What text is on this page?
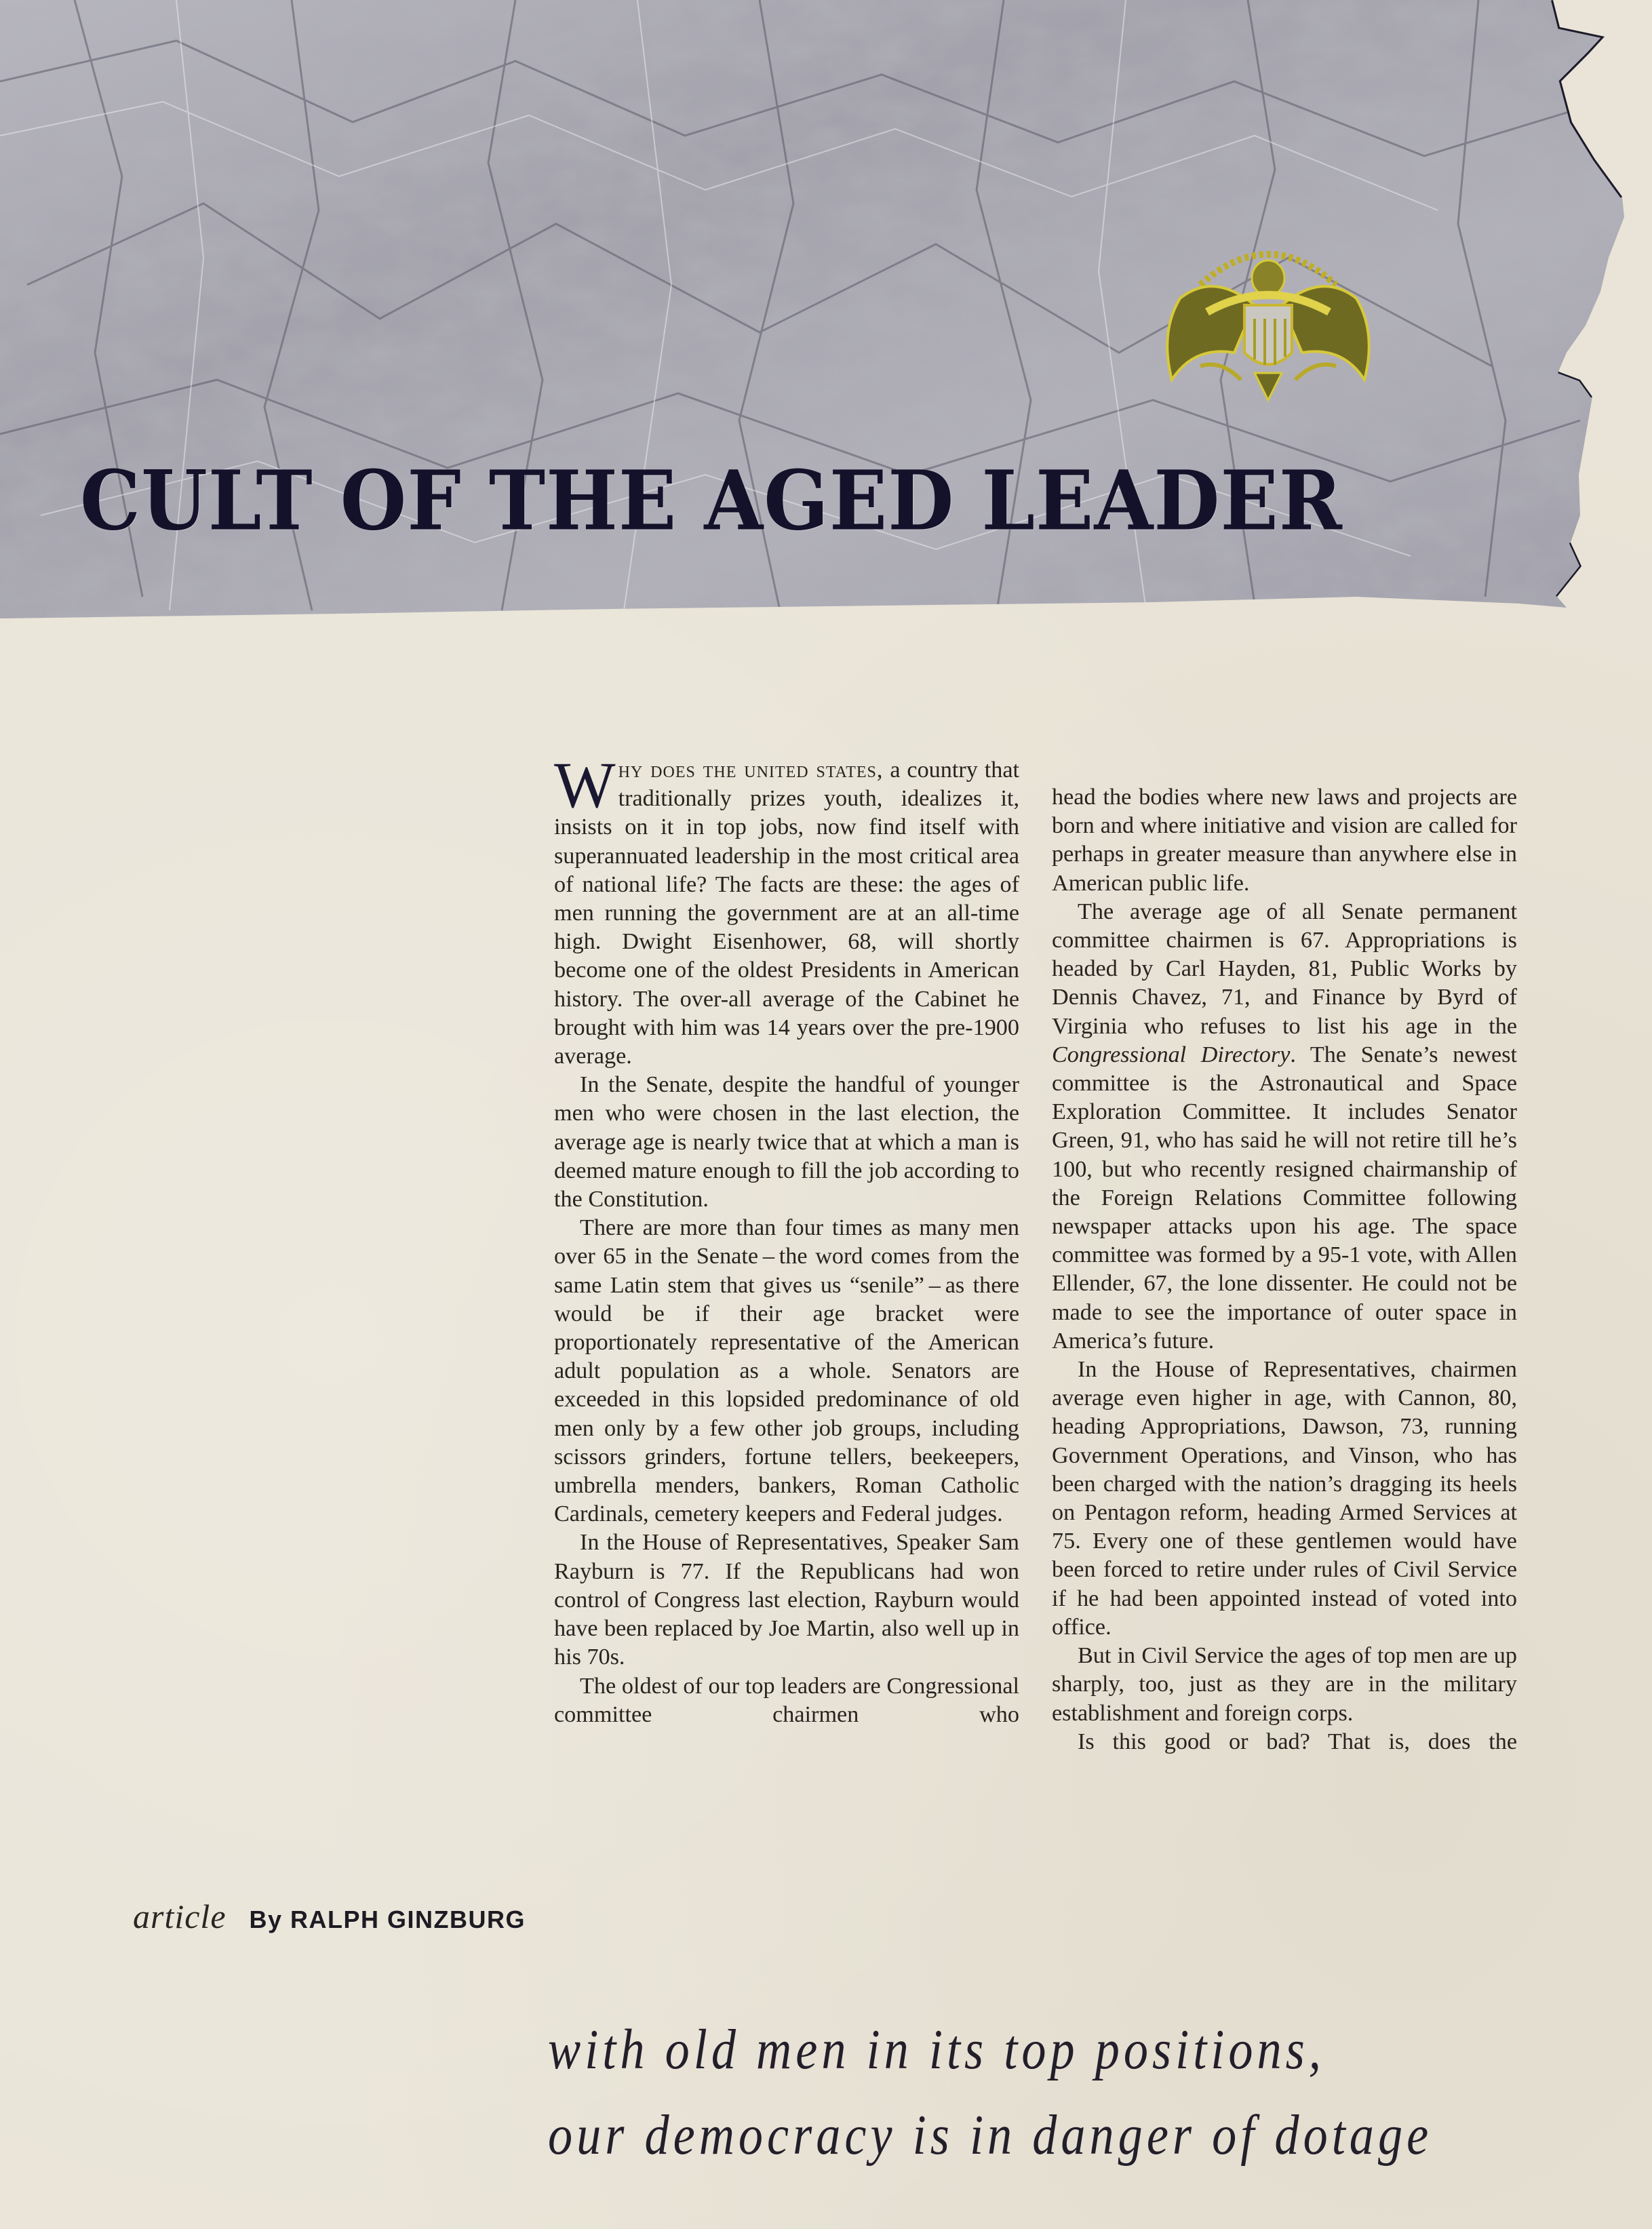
CULT OF THE AGED LEADER
article By RALPH GINZBURG

Why does the united states, a country that traditionally prizes youth, idealizes it, insists on it in top jobs, now find itself with superannuated leadership in the most critical area of national life? The facts are these: the ages of men running the government are at an all-time high. Dwight Eisenhower, 68, will shortly become one of the oldest Presidents in American history. The over-all average of the Cabinet he brought with him was 14 years over the pre-1900 average.

In the Senate, despite the handful of younger men who were chosen in the last election, the average age is nearly twice that at which a man is deemed mature enough to fill the job according to the Constitution.

There are more than four times as many men over 65 in the Senate – the word comes from the same Latin stem that gives us “senile” – as there would be if their age bracket were proportionately representative of the American adult population as a whole. Senators are exceeded in this lopsided predominance of old men only by a few other job groups, including scissors grinders, fortune tellers, beekeepers, umbrella menders, bankers, Roman Catholic Cardinals, cemetery keepers and Federal judges.

In the House of Representatives, Speaker Sam Rayburn is 77. If the Republicans had won control of Congress last election, Rayburn would have been replaced by Joe Martin, also well up in his 70s.

The oldest of our top leaders are Congressional committee chairmen who

head the bodies where new laws and projects are born and where initiative and vision are called for perhaps in greater measure than anywhere else in American public life.

The average age of all Senate permanent committee chairmen is 67. Appropriations is headed by Carl Hayden, 81, Public Works by Dennis Chavez, 71, and Finance by Byrd of Virginia who refuses to list his age in the Congressional Directory. The Senate’s newest committee is the Astronautical and Space Exploration Committee. It includes Senator Green, 91, who has said he will not retire till he’s 100, but who recently resigned chairmanship of the Foreign Relations Committee following newspaper attacks upon his age. The space committee was formed by a 95-1 vote, with Allen Ellender, 67, the lone dissenter. He could not be made to see the importance of outer space in America’s future.

In the House of Representatives, chairmen average even higher in age, with Cannon, 80, heading Appropriations, Dawson, 73, running Government Operations, and Vinson, who has been charged with the nation’s dragging its heels on Pentagon reform, heading Armed Services at 75. Every one of these gentlemen would have been forced to retire under rules of Civil Service if he had been appointed instead of voted into office.

But in Civil Service the ages of top men are up sharply, too, just as they are in the military establishment and foreign corps.

Is this good or bad? That is, does the

with old men in its top positions,
our democracy is in danger of dotage
